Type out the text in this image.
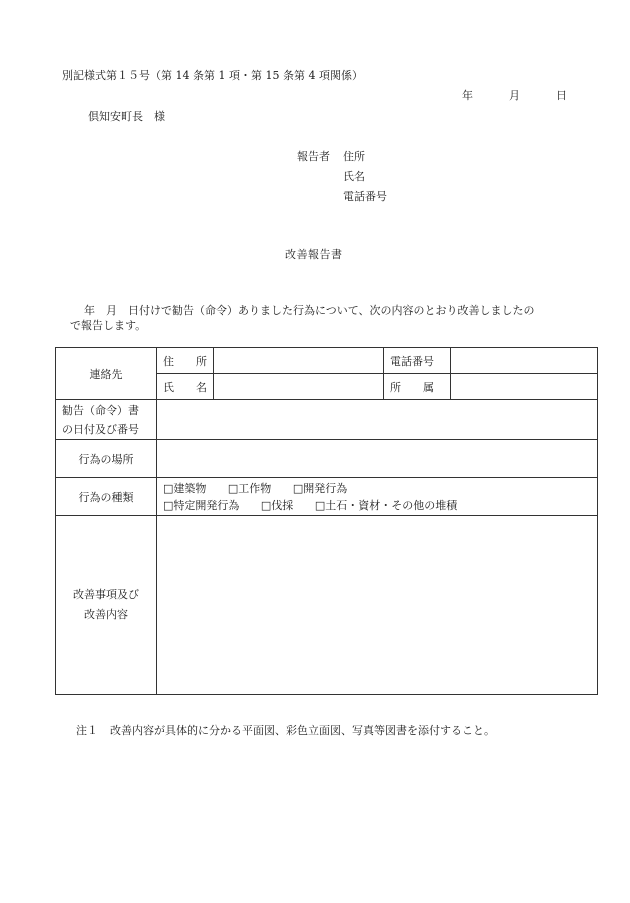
別記様式第１５号（第 14 条第 1 項・第 15 条第 4 項関係）
年	月	日
倶知安町長　様
報告者	住所
氏名
電話番号
改善報告書
年　月　日付けで勧告（命令）ありました行為について、次の内容のとおり改善しましたの
で報告します。
連絡先	住 所		電話番号	
	氏 名		所 属	

勧告（命令）書
の日付及び番号				

行為の場所				
行為の種類	□建築物 □工作物 □開発行為
□特定開発行為 □伐採 □土石・資材・その他の堆積			

改善事項及び
改善内容				

注１ 改善内容が具体的に分かる平面図、彩色立面図、写真等図書を添付すること。
